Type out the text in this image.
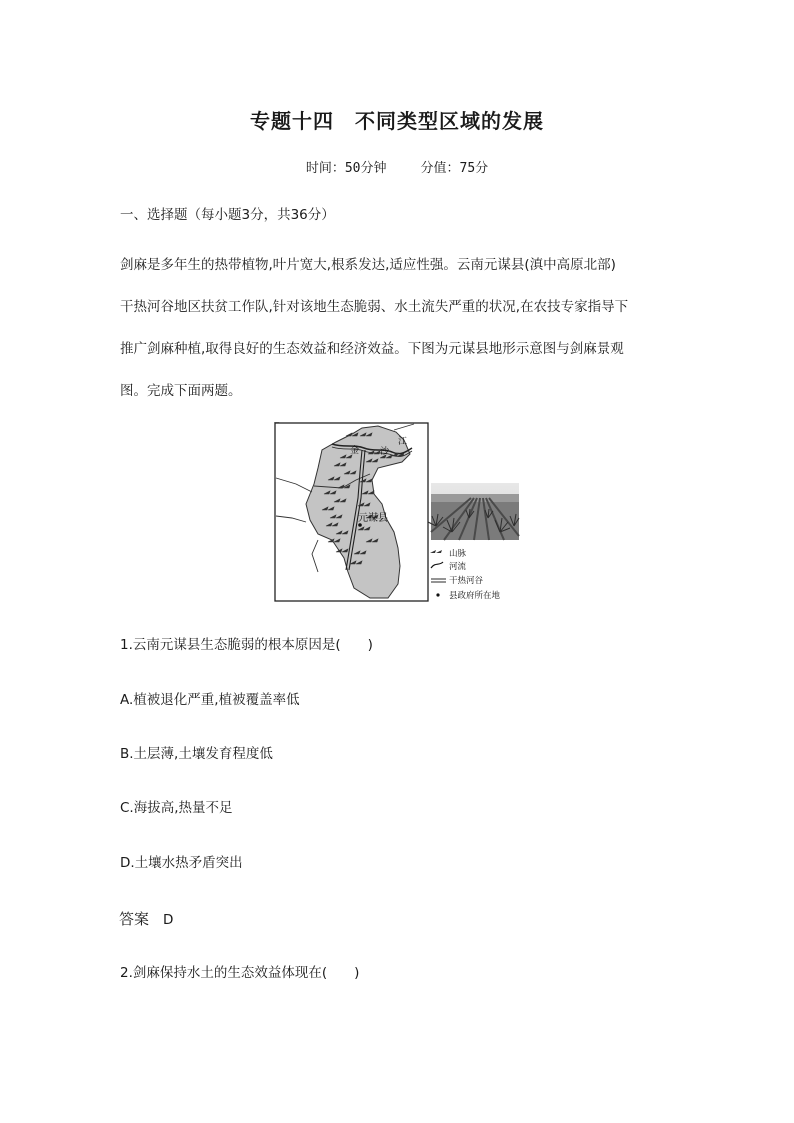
专题十四　不同类型区域的发展
时间：50分钟	分值：75分
一、选择题（每小题3分，共36分）
剑麻是多年生的热带植物,叶片宽大,根系发达,适应性强。云南元谋县(滇中高原北部)
干热河谷地区扶贫工作队,针对该地生态脆弱、水土流失严重的状况,在农技专家指导下
推广剑麻种植,取得良好的生态效益和经济效益。下图为元谋县地形示意图与剑麻景观
图。完成下面两题。
元谋县
金 沙
江
山脉
河流
干热河谷
县政府所在地
1.云南元谋县生态脆弱的根本原因是(　　)
A.植被退化严重,植被覆盖率低
B.土层薄,土壤发育程度低
C.海拔高,热量不足
D.土壤水热矛盾突出
答案 D
2.剑麻保持水土的生态效益体现在(　　)
